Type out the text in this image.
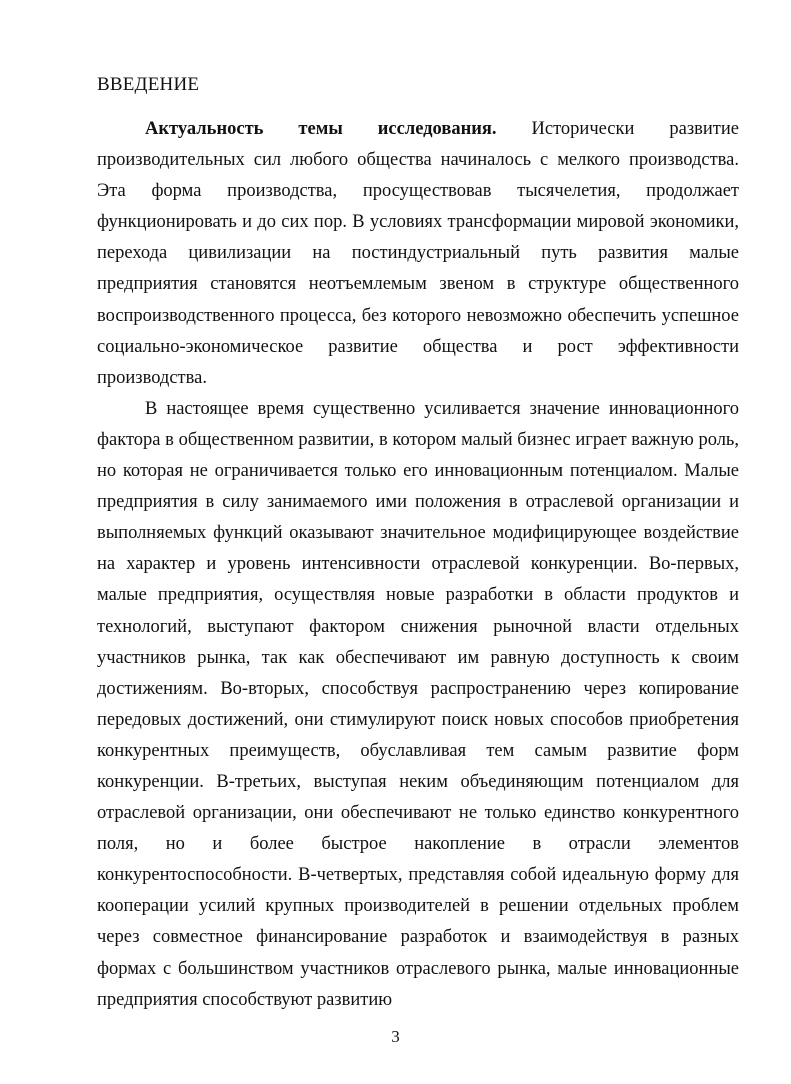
ВВЕДЕНИЕ

Актуальность темы исследования. Исторически развитие производительных сил любого общества начиналось с мелкого производства. Эта форма производства, просуществовав тысячелетия, продолжает функционировать и до сих пор. В условиях трансформации мировой экономики, перехода цивилизации на постиндустриальный путь развития малые предприятия становятся неотъемлемым звеном в структуре общественного воспроизводственного процесса, без которого невозможно обеспечить успешное социально-экономическое развитие общества и рост эффективности производства.

В настоящее время существенно усиливается значение инновационного фактора в общественном развитии, в котором малый бизнес играет важную роль, но которая не ограничивается только его инновационным потенциалом. Малые предприятия в силу занимаемого ими положения в отраслевой организации и выполняемых функций оказывают значительное модифицирующее воздействие на характер и уровень интенсивности отраслевой конкуренции. Во-первых, малые предприятия, осуществляя новые разработки в области продуктов и технологий, выступают фактором снижения рыночной власти отдельных участников рынка, так как обеспечивают им равную доступность к своим достижениям. Во-вторых, способствуя распространению через копирование передовых достижений, они стимулируют поиск новых способов приобретения конкурентных преимуществ, обуславливая тем самым развитие форм конкуренции. В-третьих, выступая неким объединяющим потенциалом для отраслевой организации, они обеспечивают не только единство конкурентного поля, но и более быстрое накопление в отрасли элементов конкурентоспособности. В-четвертых, представляя собой идеальную форму для кооперации усилий крупных производителей в решении отдельных проблем через совместное финансирование разработок и взаимодействуя в разных формах с большинством участников отраслевого рынка, малые инновационные предприятия способствуют развитию

3
